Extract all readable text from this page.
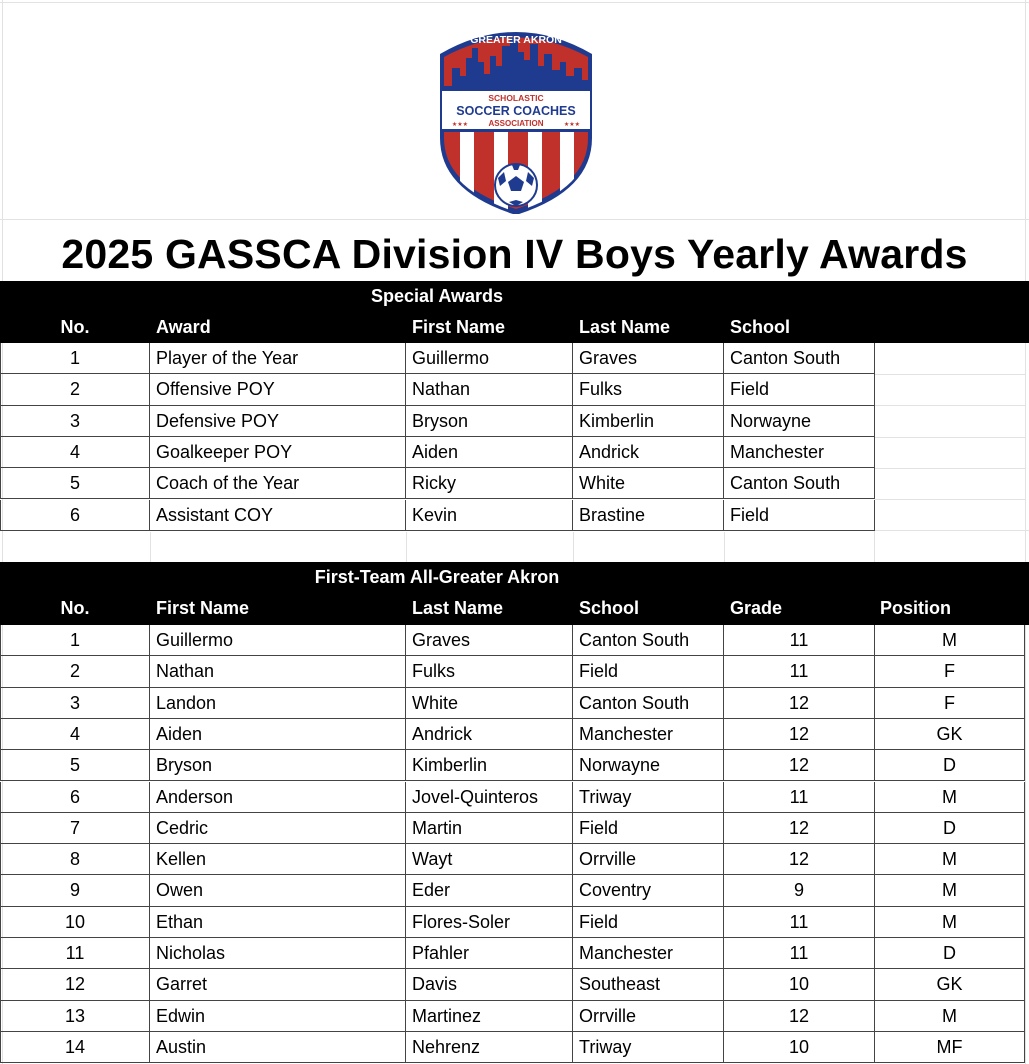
GREATER AKRON
SCHOLASTIC
SOCCER COACHES
ASSOCIATION
★★★	★★★
2025 GASSCA Division IV Boys Yearly Awards
Special Awards
No.	Award	First Name	Last Name	School
1	Player of the Year	Guillermo	Graves	Canton South
2	Offensive POY	Nathan	Fulks	Field
3	Defensive POY	Bryson	Kimberlin	Norwayne
4	Goalkeeper POY	Aiden	Andrick	Manchester
5	Coach of the Year	Ricky	White	Canton South
6	Assistant COY	Kevin	Brastine	Field
First-Team All-Greater Akron
No.	First Name	Last Name	School	Grade	Position
1	Guillermo	Graves	Canton South	11	M
2	Nathan	Fulks	Field	11	F
3	Landon	White	Canton South	12	F
4	Aiden	Andrick	Manchester	12	GK
5	Bryson	Kimberlin	Norwayne	12	D
6	Anderson	Jovel-Quinteros	Triway	11	M
7	Cedric	Martin	Field	12	D
8	Kellen	Wayt	Orrville	12	M
9	Owen	Eder	Coventry	9	M
10	Ethan	Flores-Soler	Field	11	M
11	Nicholas	Pfahler	Manchester	11	D
12	Garret	Davis	Southeast	10	GK
13	Edwin	Martinez	Orrville	12	M
14	Austin	Nehrenz	Triway	10	MF
